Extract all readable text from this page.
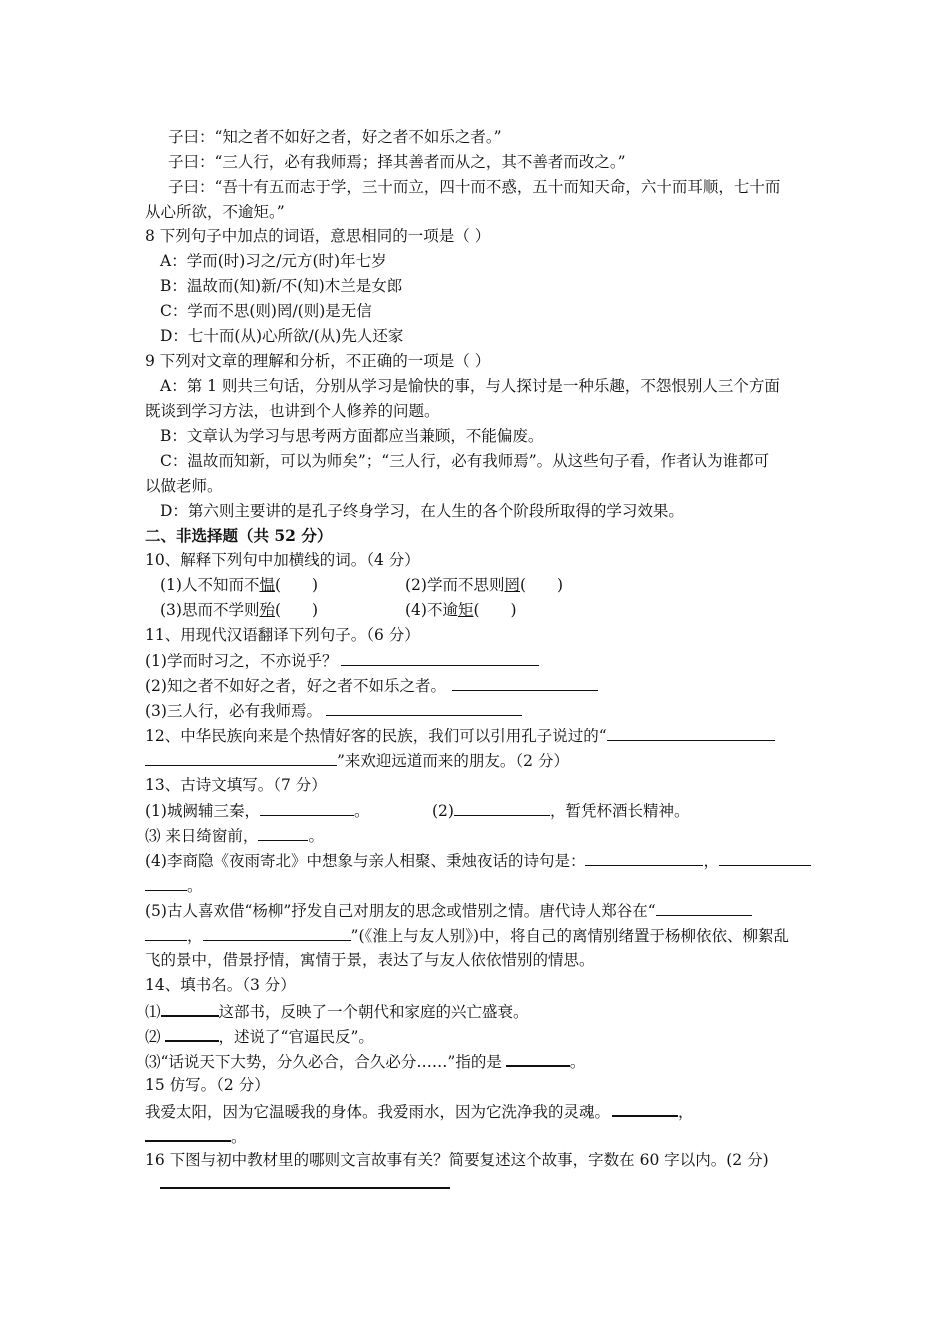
子曰：“知之者不如好之者，好之者不如乐之者。”
子曰：“三人行，必有我师焉；择其善者而从之，其不善者而改之。”
子曰：“吾十有五而志于学，三十而立，四十而不惑，五十而知天命，六十而耳顺，七十而
从心所欲，不逾矩。”
8 下列句子中加点的词语，意思相同的一项是（ ）
A：学而(时)习之/元方(时)年七岁
B：温故而(知)新/不(知)木兰是女郎
C：学而不思(则)罔/(则)是无信
D：七十而(从)心所欲/(从)先人还家
9 下列对文章的理解和分析，不正确的一项是（ ）
A：第 1 则共三句话，分别从学习是愉快的事，与人探讨是一种乐趣，不怨恨别人三个方面
既谈到学习方法，也讲到个人修养的问题。
B：文章认为学习与思考两方面都应当兼顾，不能偏废。
C：温故而知新，可以为师矣”；“三人行，必有我师焉”。从这些句子看，作者认为谁都可
以做老师。
D：第六则主要讲的是孔子终身学习，在人生的各个阶段所取得的学习效果。
二、非选择题（共 52 分）
10、解释下列句中加横线的词。（4 分）
(1)人不知而不愠(　　)	(2)学而不思则罔(　　)
(3)思而不学则殆(　　)	(4)不逾矩(　　)
11、用现代汉语翻译下列句子。（6 分）
(1)学而时习之，不亦说乎？
(2)知之者不如好之者，好之者不如乐之者。
(3)三人行，必有我师焉。
12、中华民族向来是个热情好客的民族，我们可以引用孔子说过的“
”来欢迎远道而来的朋友。（2 分）
13、古诗文填写。（7 分）
(1)城阙辅三秦，	。	(2)	，暂凭杯酒长精神。
⑶ 来日绮窗前，	。
(4)李商隐《夜雨寄北》中想象与亲人相聚、秉烛夜话的诗句是：	，
。
(5)古人喜欢借“杨柳”抒发自己对朋友的思念或惜别之情。唐代诗人郑谷在“
，	”(《淮上与友人别》)中，将自己的离情别绪置于杨柳依依、柳絮乱
飞的景中，借景抒情，寓情于景，表达了与友人依依惜别的情思。
14、填书名。（3 分）
⑴	这部书，反映了一个朝代和家庭的兴亡盛衰。
⑵	，述说了“官逼民反”。
⑶“话说天下大势，分久必合，合久必分……”指的是	。
15 仿写。（2 分）
我爱太阳，因为它温暖我的身体。我爱雨水，因为它洗净我的灵魂。	，
。
16 下图与初中教材里的哪则文言故事有关？简要复述这个故事，字数在 60 字以内。(2 分)
